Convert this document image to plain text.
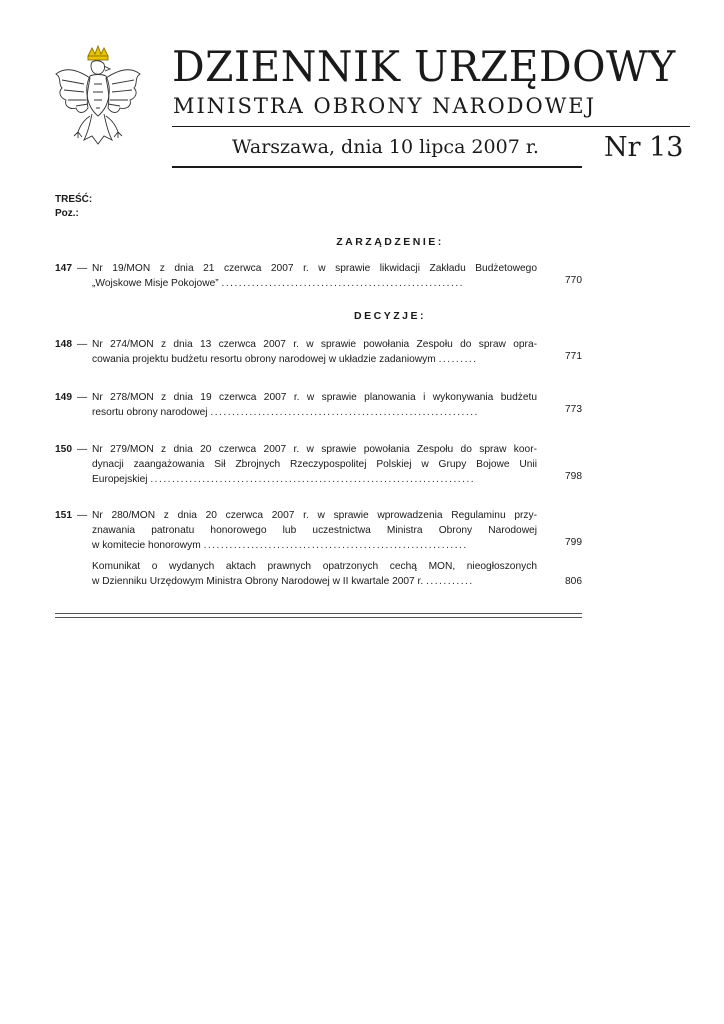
DZIENNIK URZĘDOWY
MINISTRA OBRONY NARODOWEJ
Warszawa, dnia 10 lipca 2007 r. Nr 13
TREŚĆ:
Poz.:
ZARZĄDZENIE:
DECYZJE:
147 — Nr 19/MON z dnia 21 czerwca 2007 r. w sprawie likwidacji Zakładu Budżetowego
„Wojskowe Misje Pokojowe” ........................................................	770
148 — Nr 274/MON z dnia 13 czerwca 2007 r. w sprawie powołania Zespołu do spraw opra-
cowania projektu budżetu resortu obrony narodowej w układzie zadaniowym .........	771
149 — Nr 278/MON z dnia 19 czerwca 2007 r. w sprawie planowania i wykonywania budżetu
resortu obrony narodowej ..............................................................	773
150 — Nr 279/MON z dnia 20 czerwca 2007 r. w sprawie powołania Zespołu do spraw koor-
dynacji zaangażowania Sił Zbrojnych Rzeczypospolitej Polskiej w Grupy Bojowe Unii
Europejskiej ...........................................................................	798
151 — Nr 280/MON z dnia 20 czerwca 2007 r. w sprawie wprowadzenia Regulaminu przy-
znawania patronatu honorowego lub uczestnictwa Ministra Obrony Narodowej
w komitecie honorowym .............................................................	799
Komunikat o wydanych aktach prawnych opatrzonych cechą MON, nieogłoszonych
w Dzienniku Urzędowym Ministra Obrony Narodowej w II kwartale 2007 r. ...........	806
